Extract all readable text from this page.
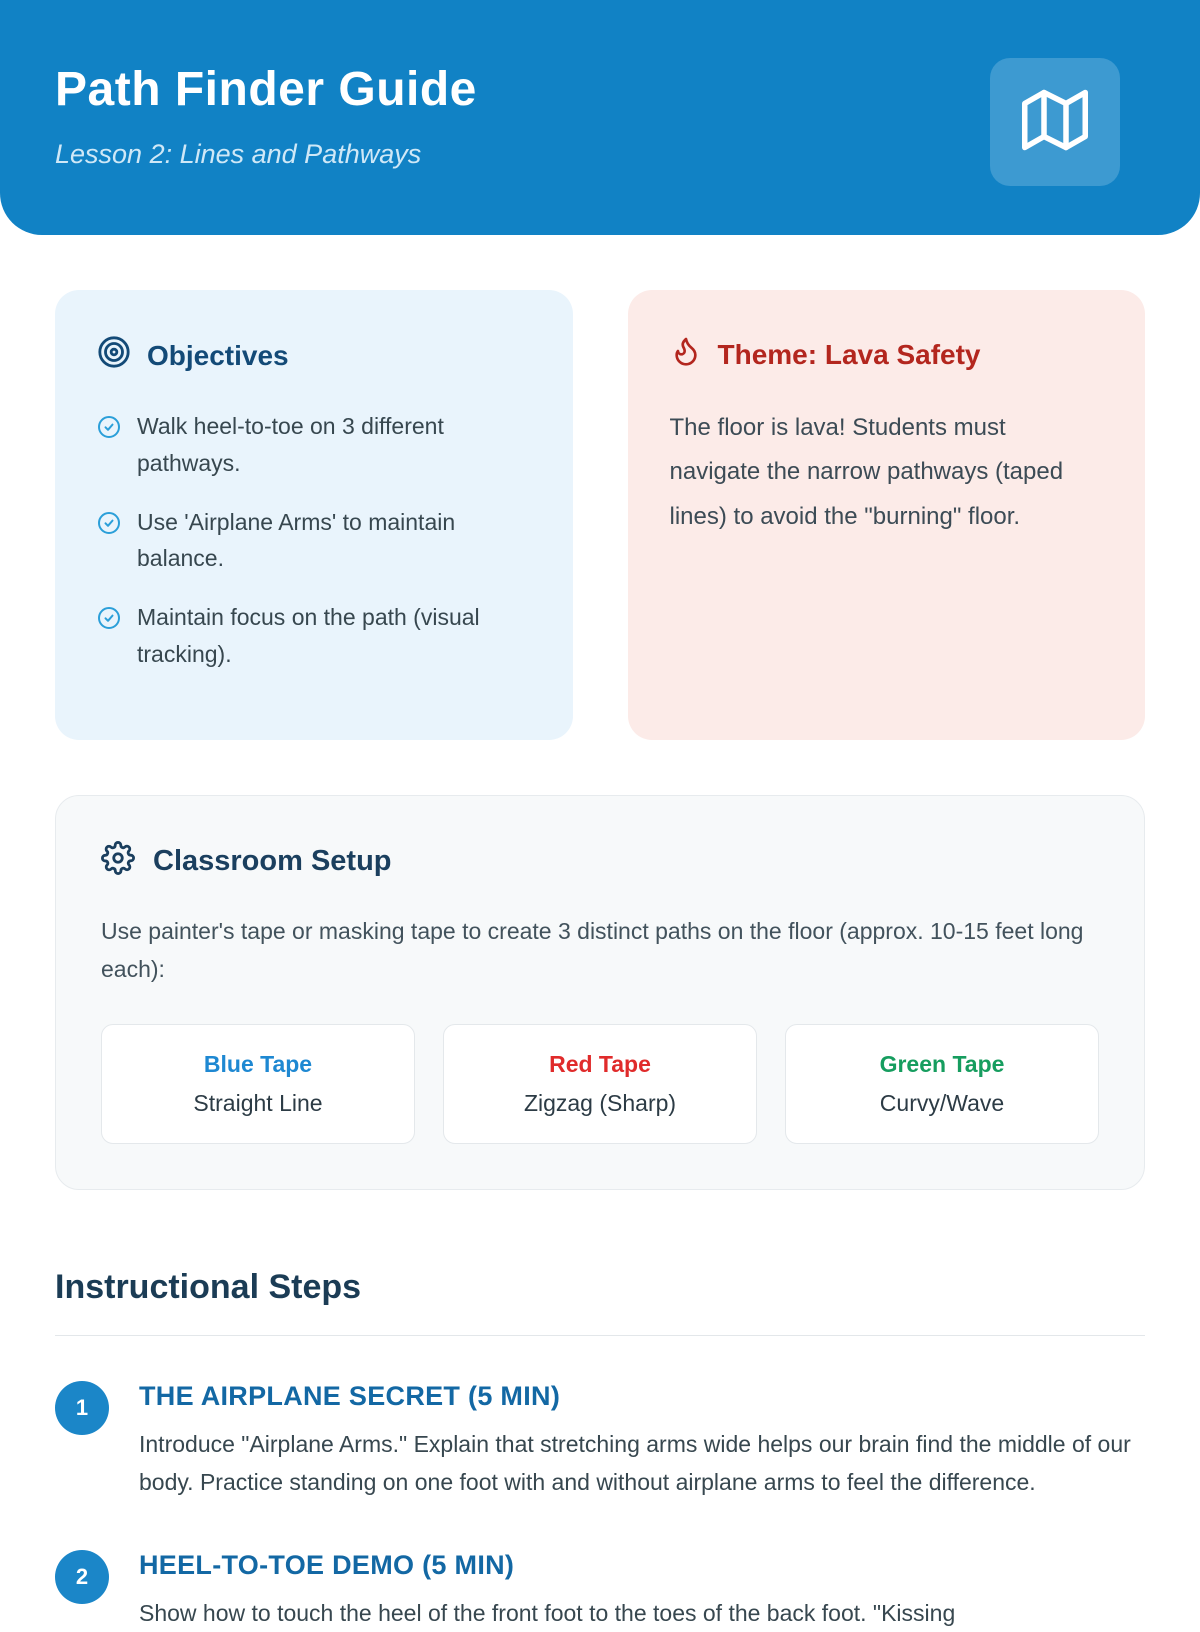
Path Finder Guide
Lesson 2: Lines and Pathways
Objectives
Walk heel-to-toe on 3 different pathways.
Use 'Airplane Arms' to maintain balance.
Maintain focus on the path (visual tracking).
Theme: Lava Safety

The floor is lava! Students must navigate the narrow pathways (taped lines) to avoid the "burning" floor.

Classroom Setup

Use painter's tape or masking tape to create 3 distinct paths on the floor (approx. 10-15 feet long each):

Blue Tape
Straight Line
Red Tape
Zigzag (Sharp)
Green Tape
Curvy/Wave
Instructional Steps
1	THE AIRPLANE SECRET (5 MIN)

Introduce "Airplane Arms." Explain that stretching arms wide helps our brain find the middle of our body. Practice standing on one foot with and without airplane arms to feel the difference.

2	HEEL-TO-TOE DEMO (5 MIN)

Show how to touch the heel of the front foot to the toes of the back foot. "Kissing
